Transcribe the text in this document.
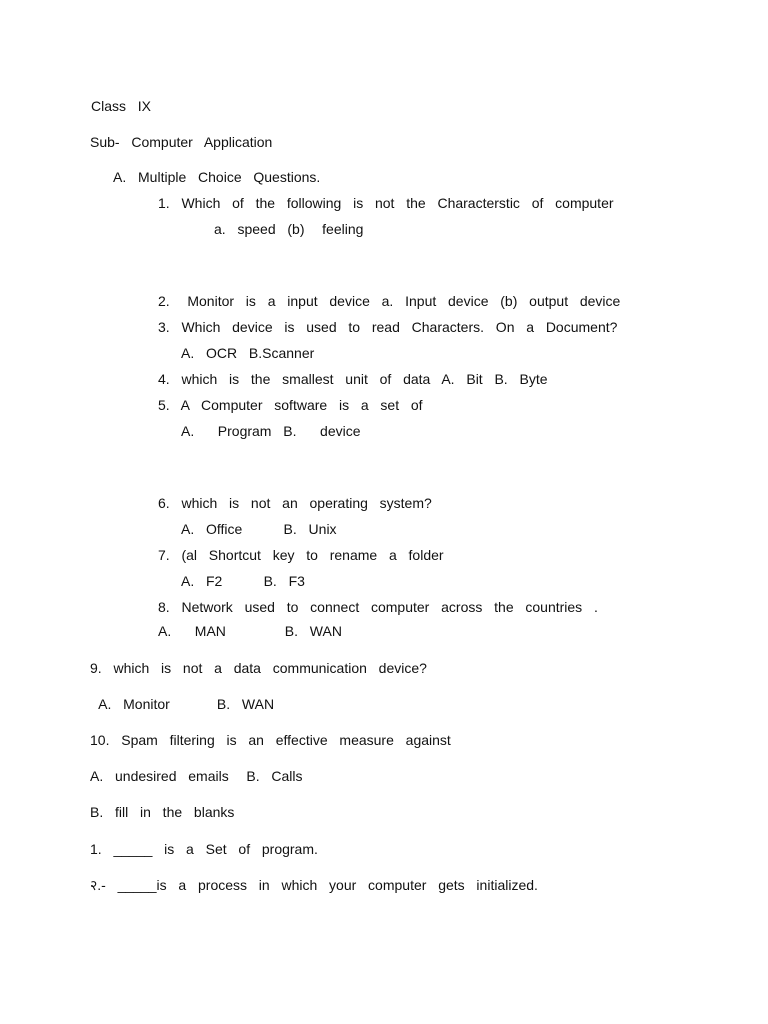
Class  IX
Sub-  Computer  Application
A.  Multiple  Choice  Questions.
1.  Which  of  the  following  is  not  the  Characterstic  of  computer
a.  speed  (b)   feeling
2.   Monitor  is  a  input  device  a.  Input  device  (b)  output  device
3.  Which  device  is  used  to  read  Characters.  On  a  Document?
A.  OCR  B.Scanner
4.  which  is  the  smallest  unit  of  data  A.  Bit  B.  Byte
5.  A  Computer  software  is  a  set  of
A.    Program  B.    device
6.  which  is  not  an  operating  system?
A.  Office       B.  Unix
7.  (al  Shortcut  key  to  rename  a  folder
A.  F2       B.  F3
8.  Network  used  to  connect  computer  across  the  countries  .
A.    MAN          B.  WAN
9.  which  is  not  a  data  communication  device?
A.  Monitor        B.  WAN
10.  Spam  filtering  is  an  effective  measure  against
A.  undesired  emails   B.  Calls
B.  fill  in  the  blanks
1.  _____  is  a  Set  of  program.
२.-  _____is  a  process  in  which  your  computer  gets  initialized.
